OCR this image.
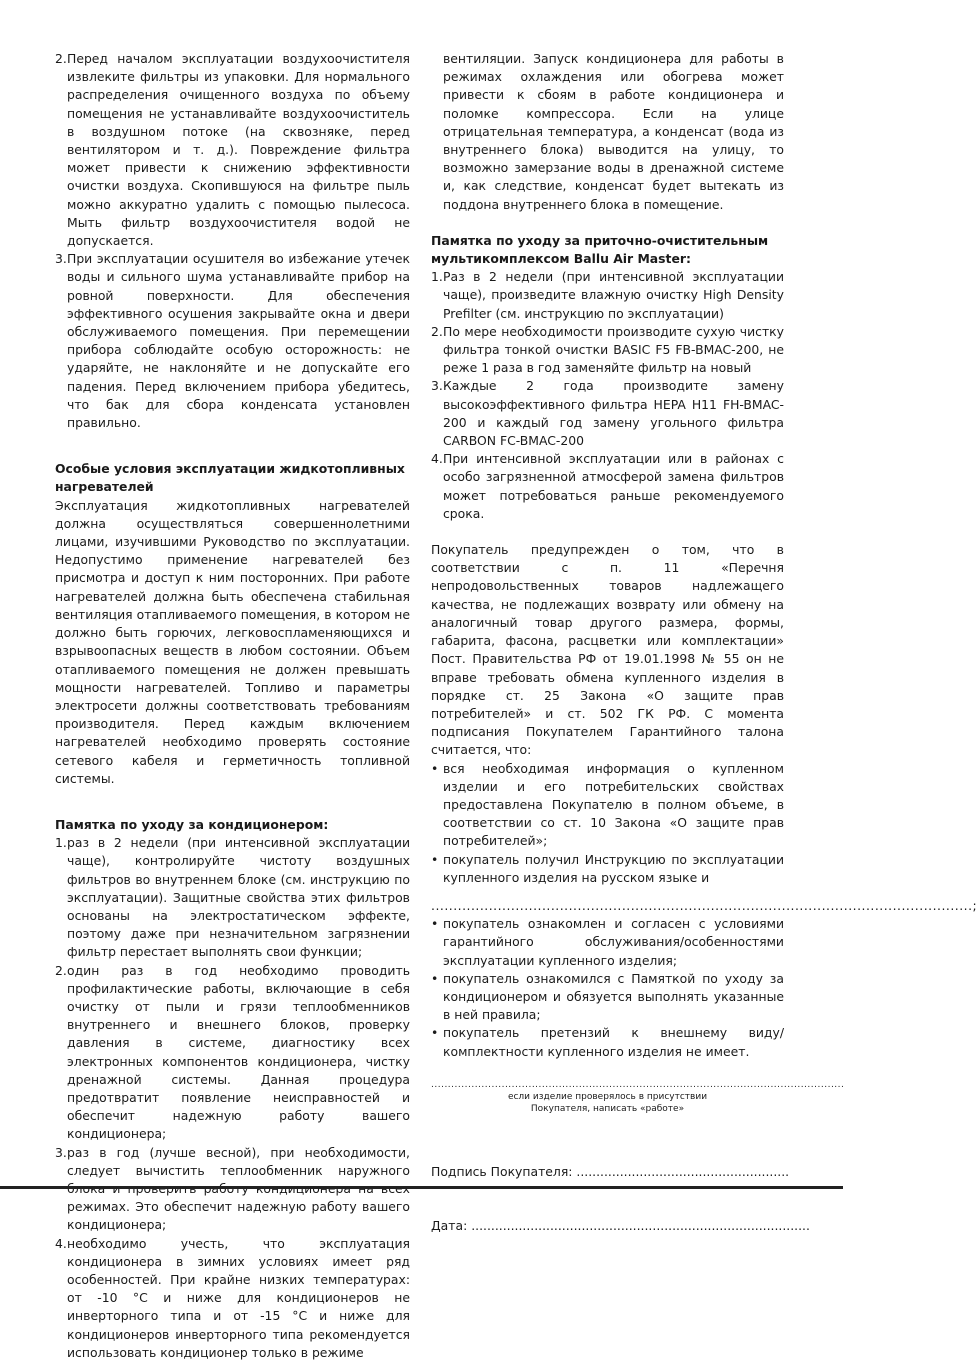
2. Перед началом эксплуатации воздухоочистителя извлеките фильтры из упаковки. Для нормального распределения очищенного воздуха по объему помещения не устанавливайте воздухоочиститель в воздушном потоке (на сквозняке, перед вентилятором и т. д.). Повреждение фильтра может привести к снижению эффективности очистки воздуха. Скопившуюся на фильтре пыль можно аккуратно удалить с помощью пылесоса. Мыть фильтр воздухоочистителя водой не допускается.
3. При эксплуатации осушителя во избежание утечек воды и сильного шума устанавливайте прибор на ровной поверхности. Для обеспечения эффективного осушения закрывайте окна и двери обслуживаемого помещения. При перемещении прибора соблюдайте особую осторожность: не ударяйте, не наклоняйте и не допускайте его падения. Перед включением прибора убедитесь, что бак для сбора конденсата установлен правильно.

Особые условия эксплуатации жидкотопливных нагревателей

Эксплуатация жидкотопливных нагревателей должна осуществляться совершеннолетними лицами, изучившими Руководство по эксплуатации. Недопустимо применение нагревателей без присмотра и доступ к ним посторонних. При работе нагревателей должна быть обеспечена стабильная вентиляция отапливаемого помещения, в котором не должно быть горючих, легковоспламеняющихся и взрывоопасных веществ в любом состоянии. Объем отапливаемого помещения не должен превышать мощности нагревателей. Топливо и параметры электросети должны соответствовать требованиям производителя. Перед каждым включением нагревателей необходимо проверять состояние сетевого кабеля и герметичность топливной системы.

Памятка по уходу за кондиционером:

1. раз в 2 недели (при интенсивной эксплуатации чаще), контролируйте чистоту воздушных фильтров во внутреннем блоке (см. инструкцию по эксплуатации). Защитные свойства этих фильтров основаны на электростатическом эффекте, поэтому даже при незначительном загрязнении фильтр перестает выполнять свои функции;
2. один раз в год необходимо проводить профилактические работы, включающие в себя очистку от пыли и грязи теплообменников внутреннего и внешнего блоков, проверку давления в системе, диагностику всех электронных компонентов кондиционера, чистку дренажной системы. Данная процедура предотвратит появление неисправностей и обеспечит надежную работу вашего кондиционера;
3. раз в год (лучше весной), при необходимости, следует вычистить теплообменник наружного режимах. Это обеспечит надежную работу вашего кондиционера;
4. необходимо учесть, что эксплуатация кондиционера в зимних условиях имеет ряд особенностей. При крайне низких температурах: от -10 °С и ниже для кондиционеров не инверторного типа и от -15 °С и ниже для кондиционеров инверторного типа рекомендуется использовать кондиционер только в режиме

вентиляции. Запуск кондиционера для работы в режимах охлаждения или обогрева может привести к сбоям в работе кондиционера и поломке компрессора. Если на улице отрицательная температура, а конденсат (вода из внутреннего блока) выводится на улицу, то возможно замерзание воды в дренажной системе и, как следствие, конденсат будет вытекать из поддона внутреннего блока в помещение.

Памятка по уходу за приточно-очистительным мультикомплексом Ballu Air Master:

1. Раз в 2 недели (при интенсивной эксплуатации чаще), произведите влажную очистку High Density Prefilter (см. инструкцию по эксплуатации)
2. По мере необходимости производите сухую чистку фильтра тонкой очистки BASIC F5 FB-BMAC-200, не реже 1 раза в год заменяйте фильтр на новый
3. Каждые 2 года производите замену высокоэффективного фильтра HEPA H11 FH-BMAC-200 и каждый год замену угольного фильтра CARBON FC-BMAC-200
4. При интенсивной эксплуатации или в районах с особо загрязненной атмосферой замена фильтров может потребоваться раньше рекомендуемого срока.

Покупатель предупрежден о том, что в соответствии с п. 11 «Перечня непродовольственных товаров надлежащего качества, не подлежащих возврату или обмену на аналогичный товар другого размера, формы, габарита, фасона, расцветки или комплектации» Пост. Правительства РФ от 19.01.1998 № 55 он не вправе требовать обмена купленного изделия в порядке ст. 25 Закона «О защите прав потребителей» и ст. 502 ГК РФ. С момента подписания Покупателем Гарантийного талона считается, что:

• вся необходимая информация о купленном изделии и его потребительских свойствах предоставлена Покупателю в полном объеме, в соответствии со ст. 10 Закона «О защите прав потребителей»;
• покупатель получил Инструкцию по эксплуатации купленного изделия на русском языке и

..........................................................................................................................;

• покупатель ознакомлен и согласен с условиями гарантийного обслуживания/особенностями эксплуатации купленного изделия;
• покупатель ознакомился с Памяткой по уходу за кондиционером и обязуется выполнять указанные в ней правила;
• покупатель претензий к внешнему виду/комплектности купленного изделия не имеет.

...........................................................................................................................

если изделие проверялось в присутствии

Покупателя, написать «работе»

Подпись Покупателя: ......................................................

Дата: ......................................................................................
